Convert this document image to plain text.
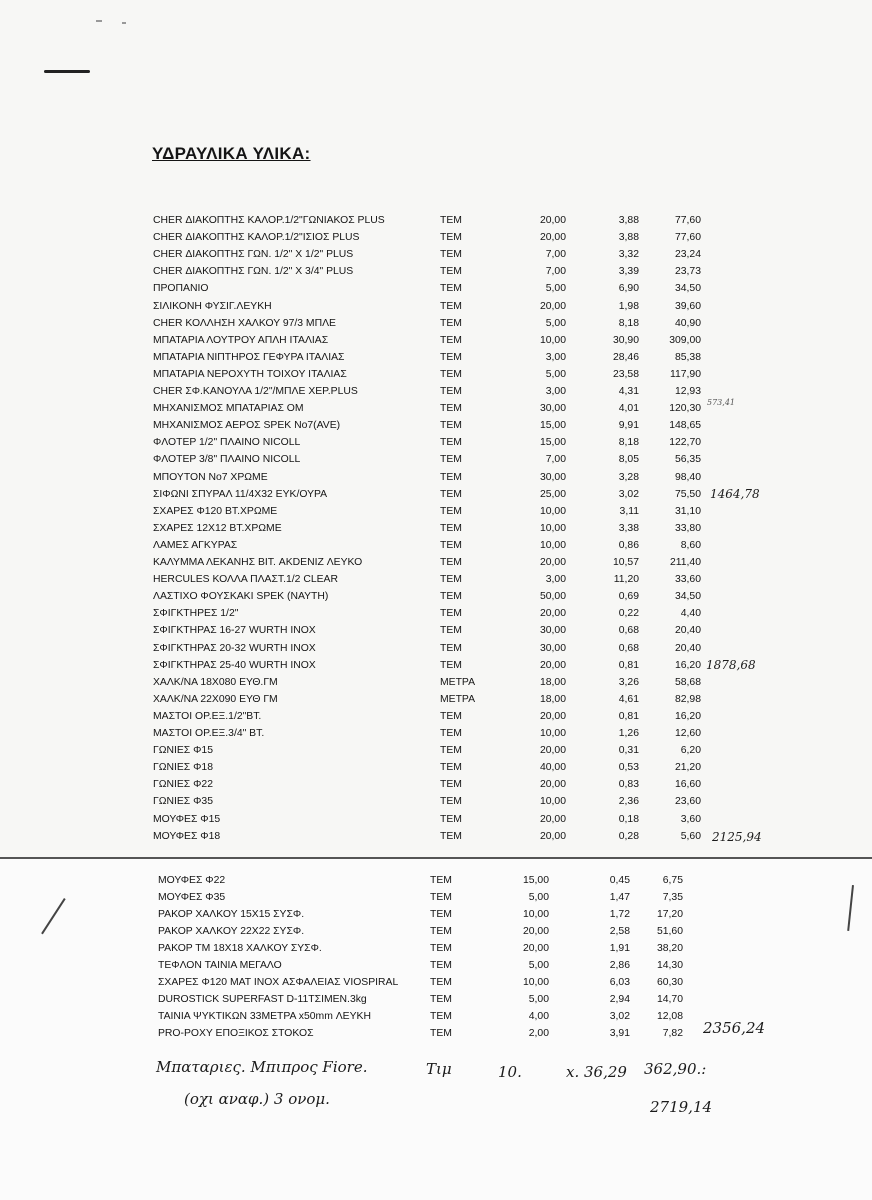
ΥΔΡΑΥΛΙΚΑ ΥΛΙΚΑ:
CHER ΔΙΑΚΟΠΤΗΣ ΚΑΛΟΡ.1/2"ΓΩΝΙΑΚΟΣ PLUS	ΤΕΜ	20,00	3,88	77,60
CHER ΔΙΑΚΟΠΤΗΣ ΚΑΛΟΡ.1/2"ΙΣΙΟΣ PLUS	ΤΕΜ	20,00	3,88	77,60
CHER ΔΙΑΚΟΠΤΗΣ ΓΩΝ. 1/2" X 1/2" PLUS	ΤΕΜ	7,00	3,32	23,24
CHER ΔΙΑΚΟΠΤΗΣ ΓΩΝ. 1/2" X 3/4" PLUS	ΤΕΜ	7,00	3,39	23,73
ΠΡΟΠΑΝΙΟ	ΤΕΜ	5,00	6,90	34,50
ΣΙΛΙΚΟΝΗ ΦΥΣΙΓ.ΛΕΥΚΗ	ΤΕΜ	20,00	1,98	39,60
CHER ΚΟΛΛΗΣΗ ΧΑΛΚΟΥ 97/3 ΜΠΛΕ	ΤΕΜ	5,00	8,18	40,90
ΜΠΑΤΑΡΙΑ ΛΟΥΤΡΟΥ ΑΠΛΗ ΙΤΑΛΙΑΣ	ΤΕΜ	10,00	30,90	309,00
ΜΠΑΤΑΡΙΑ ΝΙΠΤΗΡΟΣ ΓΕΦΥΡΑ ΙΤΑΛΙΑΣ	ΤΕΜ	3,00	28,46	85,38
ΜΠΑΤΑΡΙΑ ΝΕΡΟΧΥΤΗ ΤΟΙΧΟΥ ΙΤΑΛΙΑΣ	ΤΕΜ	5,00	23,58	117,90
CHER ΣΦ.ΚΑΝΟΥΛΑ 1/2"/ΜΠΛΕ ΧΕΡ.PLUS	ΤΕΜ	3,00	4,31	12,93
ΜΗΧΑΝΙΣΜΟΣ ΜΠΑΤΑΡΙΑΣ ΟΜ	ΤΕΜ	30,00	4,01	120,30
ΜΗΧΑΝΙΣΜΟΣ ΑΕΡΟΣ SPEK No7(AVE)	ΤΕΜ	15,00	9,91	148,65
ΦΛΟΤΕΡ 1/2" ΠΛΑΙΝΟ NICOLL	ΤΕΜ	15,00	8,18	122,70
ΦΛΟΤΕΡ 3/8" ΠΛΑΙΝΟ NICOLL	ΤΕΜ	7,00	8,05	56,35
ΜΠΟΥΤΟΝ No7 ΧΡΩΜΕ	ΤΕΜ	30,00	3,28	98,40
ΣΙΦΩΝΙ ΣΠΥΡΑΛ 11/4Χ32 ΕΥΚ/ΟΥΡΑ	ΤΕΜ	25,00	3,02	75,50
ΣΧΑΡΕΣ Φ120 ΒΤ.ΧΡΩΜΕ	ΤΕΜ	10,00	3,11	31,10
ΣΧΑΡΕΣ 12Χ12 ΒΤ.ΧΡΩΜΕ	ΤΕΜ	10,00	3,38	33,80
ΛΑΜΕΣ ΑΓΚΥΡΑΣ	ΤΕΜ	10,00	0,86	8,60
ΚΑΛΥΜΜΑ ΛΕΚΑΝΗΣ ΒΙΤ. AKDENIZ ΛΕΥΚΟ	ΤΕΜ	20,00	10,57	211,40
HERCULES ΚΟΛΛΑ ΠΛΑΣΤ.1/2 CLEAR	ΤΕΜ	3,00	11,20	33,60
ΛΑΣΤΙΧΟ ΦΟΥΣΚΑΚΙ SPEK (ΝΑΥΤΗ)	ΤΕΜ	50,00	0,69	34,50
ΣΦΙΓΚΤΗΡΕΣ 1/2"	ΤΕΜ	20,00	0,22	4,40
ΣΦΙΓΚΤΗΡΑΣ 16-27 WURTH INOX	ΤΕΜ	30,00	0,68	20,40
ΣΦΙΓΚΤΗΡΑΣ 20-32 WURTH INOX	ΤΕΜ	30,00	0,68	20,40
ΣΦΙΓΚΤΗΡΑΣ 25-40 WURTH INOX	ΤΕΜ	20,00	0,81	16,20
ΧΑΛΚ/ΝΑ 18Χ080 ΕΥΘ.ΓΜ	ΜΕΤΡΑ	18,00	3,26	58,68
ΧΑΛΚ/ΝΑ 22Χ090 ΕΥΘ ΓΜ	ΜΕΤΡΑ	18,00	4,61	82,98
ΜΑΣΤΟΙ ΟΡ.ΕΞ.1/2"ΒΤ.	ΤΕΜ	20,00	0,81	16,20
ΜΑΣΤΟΙ ΟΡ.ΕΞ.3/4" ΒΤ.	ΤΕΜ	10,00	1,26	12,60
ΓΩΝΙΕΣ Φ15	ΤΕΜ	20,00	0,31	6,20
ΓΩΝΙΕΣ Φ18	ΤΕΜ	40,00	0,53	21,20
ΓΩΝΙΕΣ Φ22	ΤΕΜ	20,00	0,83	16,60
ΓΩΝΙΕΣ Φ35	ΤΕΜ	10,00	2,36	23,60
ΜΟΥΦΕΣ Φ15	ΤΕΜ	20,00	0,18	3,60
ΜΟΥΦΕΣ Φ18	ΤΕΜ	20,00	0,28	5,60
573,41
1464,78
1878,68
2125,94
ΜΟΥΦΕΣ Φ22	ΤΕΜ	15,00	0,45	6,75
ΜΟΥΦΕΣ Φ35	ΤΕΜ	5,00	1,47	7,35
ΡΑΚΟΡ ΧΑΛΚΟΥ 15Χ15 ΣΥΣΦ.	ΤΕΜ	10,00	1,72	17,20
ΡΑΚΟΡ ΧΑΛΚΟΥ 22Χ22 ΣΥΣΦ.	ΤΕΜ	20,00	2,58	51,60
ΡΑΚΟΡ ΤΜ 18Χ18 ΧΑΛΚΟΥ ΣΥΣΦ.	ΤΕΜ	20,00	1,91	38,20
ΤΕΦΛΟΝ ΤΑΙΝΙΑ ΜΕΓΑΛΟ	ΤΕΜ	5,00	2,86	14,30
ΣΧΑΡΕΣ Φ120 ΜΑΤ INOX ΑΣΦΑΛΕΙΑΣ VIOSPIRAL	ΤΕΜ	10,00	6,03	60,30
DUROSTICK SUPERFAST D-11ΤΣΙΜΕΝ.3kg	ΤΕΜ	5,00	2,94	14,70
ΤΑΙΝΙΑ ΨΥΚΤΙΚΩΝ 33ΜΕΤΡΑ x50mm ΛΕΥΚΗ	ΤΕΜ	4,00	3,02	12,08
PRO-POXY ΕΠΟΞΙΚΟΣ ΣΤΟΚΟΣ	ΤΕΜ	2,00	3,91	7,82 2356,24
Μπαταριες. Μπιπρος Fiore.	Τιμ	10.	x. 36,29 362,90.:
(οχι αναφ.) 3 ονομ.	2719,14
